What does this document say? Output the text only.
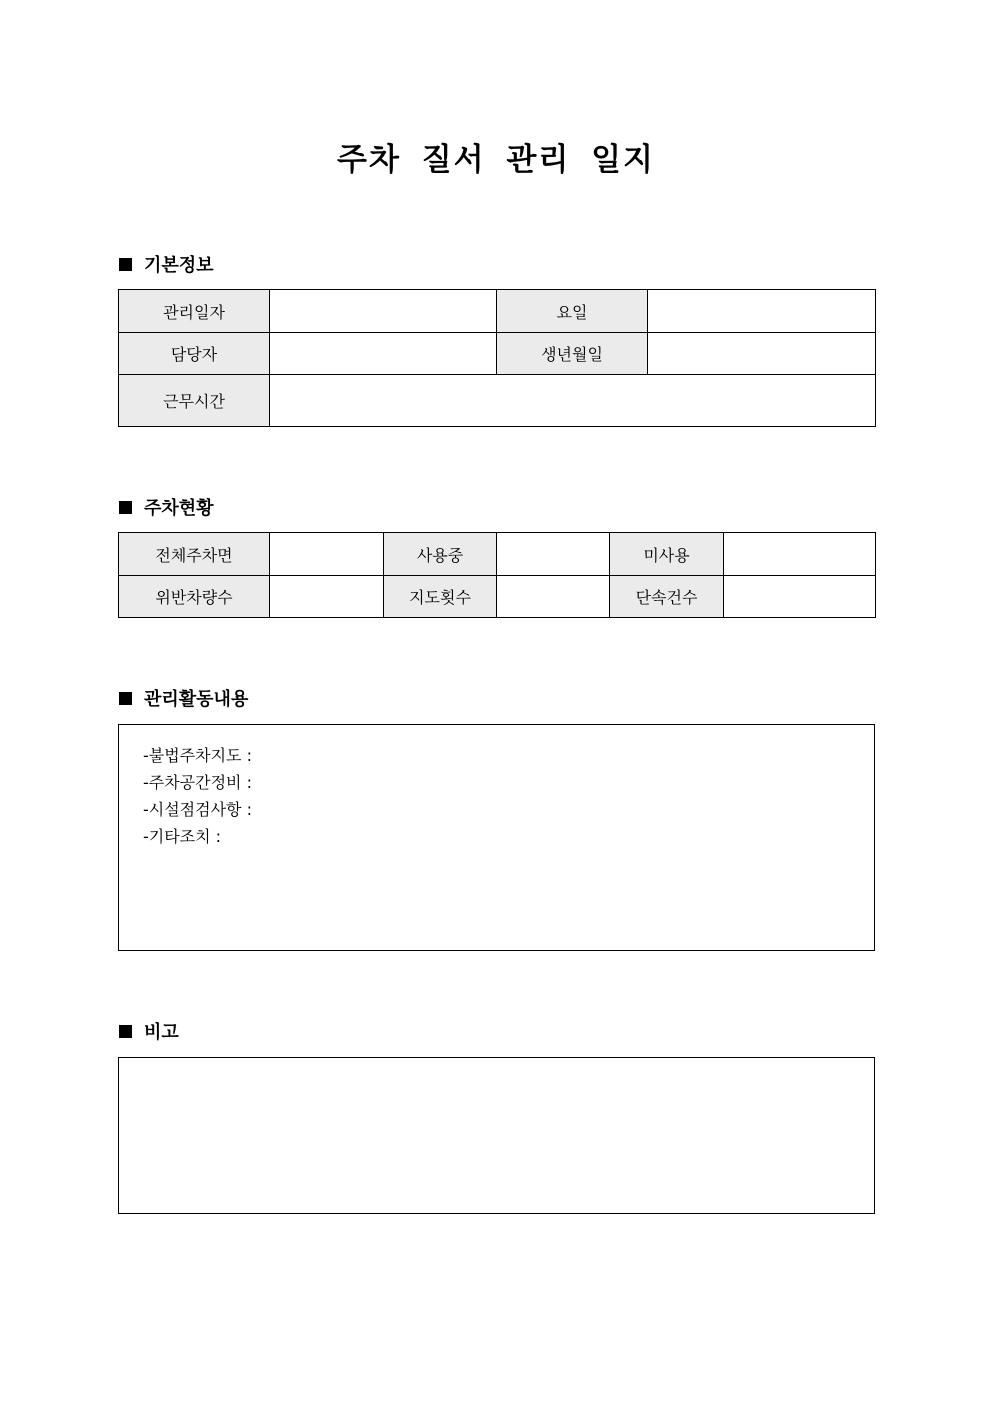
주차 질서 관리 일지
기본정보
관리일자		요일	
담당자		생년월일	
근무시간			
주차현황
전체주차면		사용중		미사용	
위반차량수		지도횟수		단속건수	
관리활동내용
-불법주차지도 :
-주차공간정비 :
-시설점검사항 :
-기타조치 :
비고
